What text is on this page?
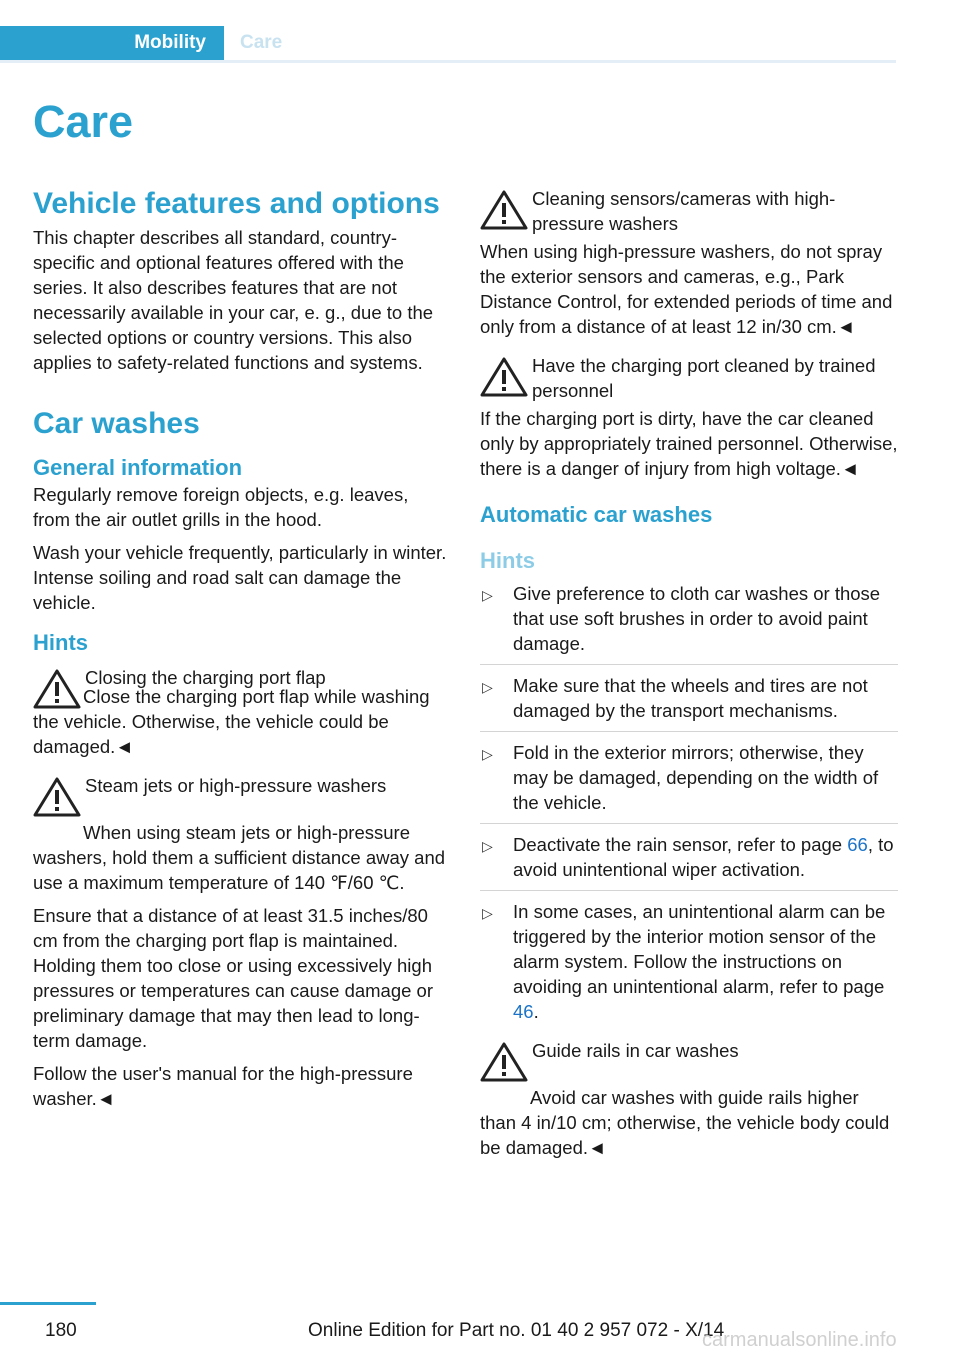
Mobility	Care
Care
Vehicle features and options

This chapter describes all standard, country-specific and optional features offered with the series. It also describes features that are not necessarily available in your car, e. g., due to the selected options or country versions. This also applies to safety-related functions and systems.

Car washes
General information

Regularly remove foreign objects, e.g. leaves, from the air outlet grills in the hood.

Wash your vehicle frequently, particularly in winter. Intense soiling and road salt can damage the vehicle.

Hints

Closing the charging port flap

Close the charging port flap while washing the vehicle. Otherwise, the vehicle could be damaged.◄

Steam jets or high-pressure washers

When using steam jets or high-pressure washers, hold them a sufficient distance away and use a maximum temperature of 140 ℉/60 ℃.

Ensure that a distance of at least 31.5 inches/80 cm from the charging port flap is maintained. Holding them too close or using excessively high pressures or temperatures can cause damage or preliminary damage that may then lead to long-term damage.

Follow the user's manual for the high-pressure washer.◄

Cleaning sensors/cameras with high-pressure washers

When using high-pressure washers, do not spray the exterior sensors and cameras, e.g., Park Distance Control, for extended periods of time and only from a distance of at least 12 in/30 cm.◄

Have the charging port cleaned by trained personnel

If the charging port is dirty, have the car cleaned only by appropriately trained personnel. Otherwise, there is a danger of injury from high voltage.◄

Automatic car washes
Hints
▷ Give preference to cloth car washes or those that use soft brushes in order to avoid paint damage.
▷ Make sure that the wheels and tires are not damaged by the transport mechanisms.
▷ Fold in the exterior mirrors; otherwise, they may be damaged, depending on the width of the vehicle.
▷ Deactivate the rain sensor, refer to page 66, to avoid unintentional wiper activation.
▷ In some cases, an unintentional alarm can be triggered by the interior motion sensor of the alarm system. Follow the instructions on avoiding an unintentional alarm, refer to page 46.

Guide rails in car washes

Avoid car washes with guide rails higher than 4 in/10 cm; otherwise, the vehicle body could be damaged.◄

180	Online Edition for Part no. 01 40 2 957 072 - X/14
carmanualsonline.info
